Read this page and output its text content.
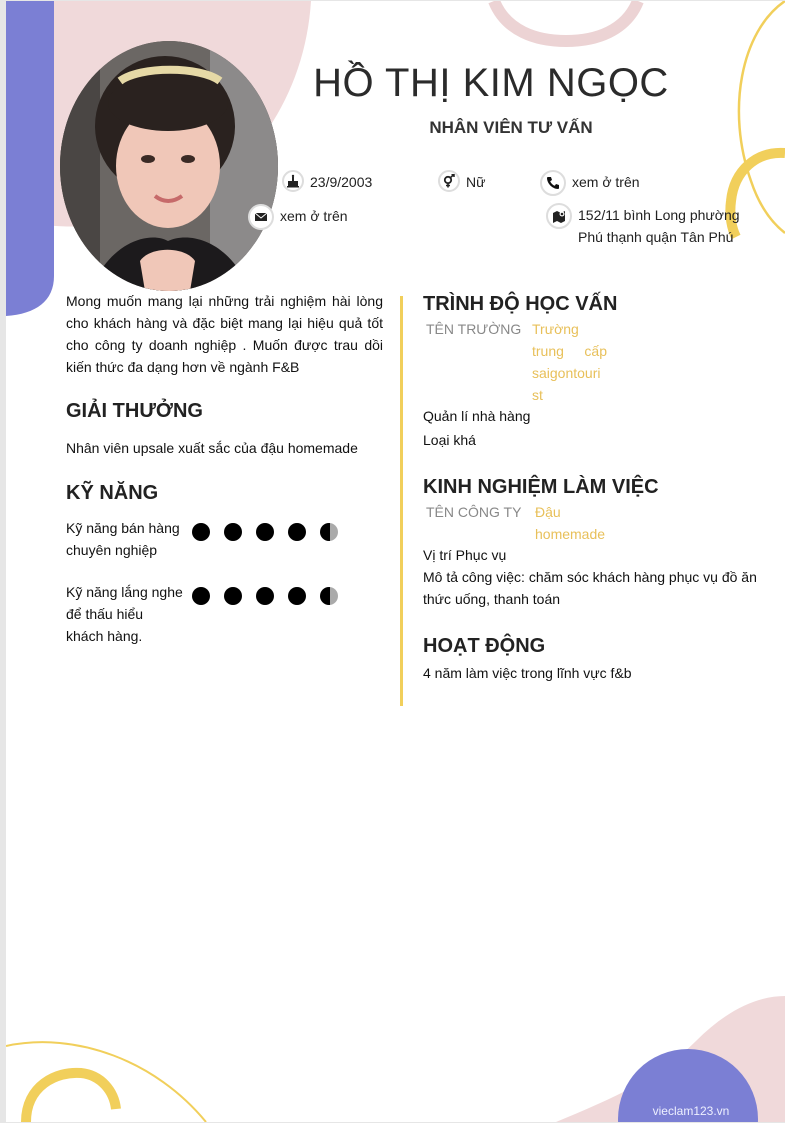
HỒ THỊ KIM NGỌC
NHÂN VIÊN TƯ VẤN
23/9/2003	Nữ	xem ở trên
xem ở trên	152/11 bình Long phường
Phú thạnh quận Tân Phú
Mong muốn mang lại những trải nghiệm hài lòng cho khách hàng và đặc biệt mang lại hiệu quả tốt cho công ty doanh nghiệp . Muốn được trau dồi kiến thức đa dạng hơn về ngành F&B
GIẢI THƯỞNG
Nhân viên upsale xuất sắc của đậu homemade
KỸ NĂNG
Kỹ năng bán hàng
chuyên nghiệp
Kỹ năng lắng nghe
để thấu hiểu
khách hàng.
TRÌNH ĐỘ HỌC VẤN
TÊN TRƯỜNG Trường

trung cấp
saigontouri
st
Quản lí nhà hàng
Loại khá
KINH NGHIỆM LÀM VIỆC
TÊN CÔNG TY Đậu
homemade
Vị trí Phục vụ
Mô tả công việc: chăm sóc khách hàng phục vụ đồ ăn thức uống, thanh toán
HOẠT ĐỘNG
4 năm làm việc trong lĩnh vực f&b
vieclam123.vn
